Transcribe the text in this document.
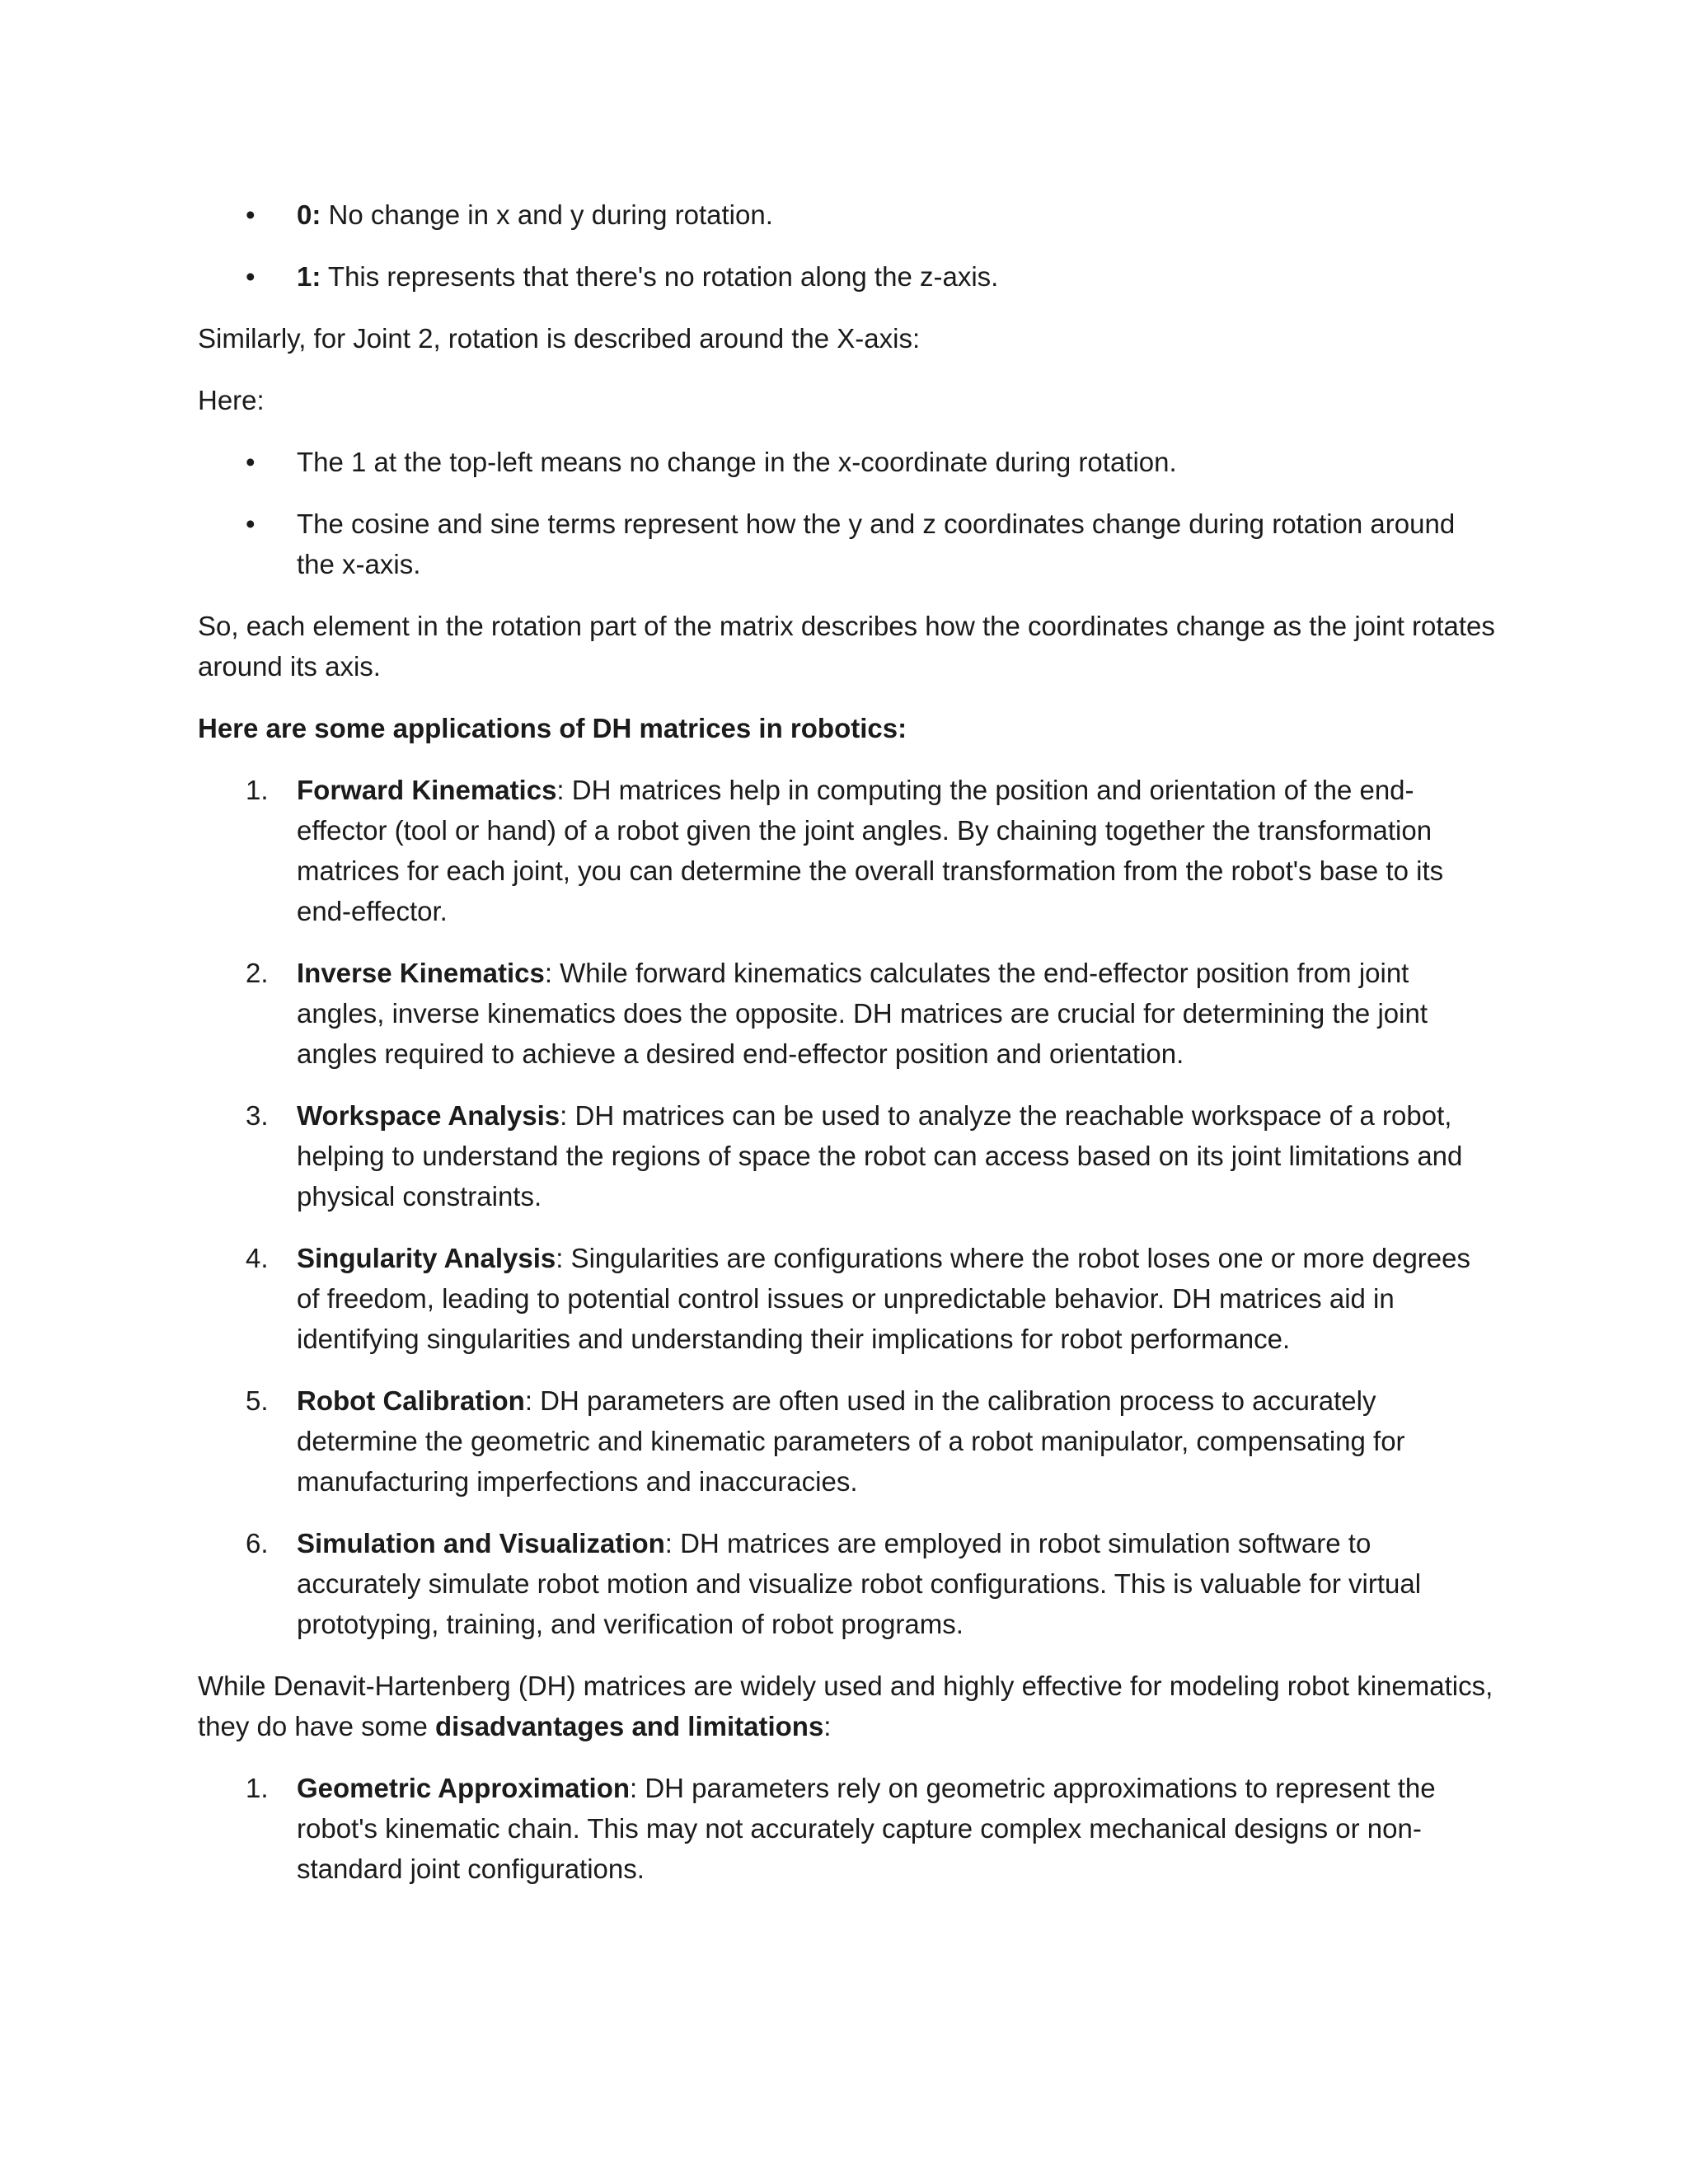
• 0: No change in x and y during rotation.
• 1: This represents that there's no rotation along the z-axis.

Similarly, for Joint 2, rotation is described around the X-axis:

Here:

• The 1 at the top-left means no change in the x-coordinate during rotation.
• The cosine and sine terms represent how the y and z coordinates change during rotation around the x-axis.

So, each element in the rotation part of the matrix describes how the coordinates change as the joint rotates around its axis.

Here are some applications of DH matrices in robotics:

1. Forward Kinematics: DH matrices help in computing the position and orientation of the end-effector (tool or hand) of a robot given the joint angles. By chaining together the transformation matrices for each joint, you can determine the overall transformation from the robot's base to its end-effector.
2. Inverse Kinematics: While forward kinematics calculates the end-effector position from joint angles, inverse kinematics does the opposite. DH matrices are crucial for determining the joint angles required to achieve a desired end-effector position and orientation.
3. Workspace Analysis: DH matrices can be used to analyze the reachable workspace of a robot, helping to understand the regions of space the robot can access based on its joint limitations and physical constraints.
4. Singularity Analysis: Singularities are configurations where the robot loses one or more degrees of freedom, leading to potential control issues or unpredictable behavior. DH matrices aid in identifying singularities and understanding their implications for robot performance.
5. Robot Calibration: DH parameters are often used in the calibration process to accurately determine the geometric and kinematic parameters of a robot manipulator, compensating for manufacturing imperfections and inaccuracies.
6. Simulation and Visualization: DH matrices are employed in robot simulation software to accurately simulate robot motion and visualize robot configurations. This is valuable for virtual prototyping, training, and verification of robot programs.

While Denavit-Hartenberg (DH) matrices are widely used and highly effective for modeling robot kinematics, they do have some disadvantages and limitations:

1. Geometric Approximation: DH parameters rely on geometric approximations to represent the robot's kinematic chain. This may not accurately capture complex mechanical designs or non-standard joint configurations.
